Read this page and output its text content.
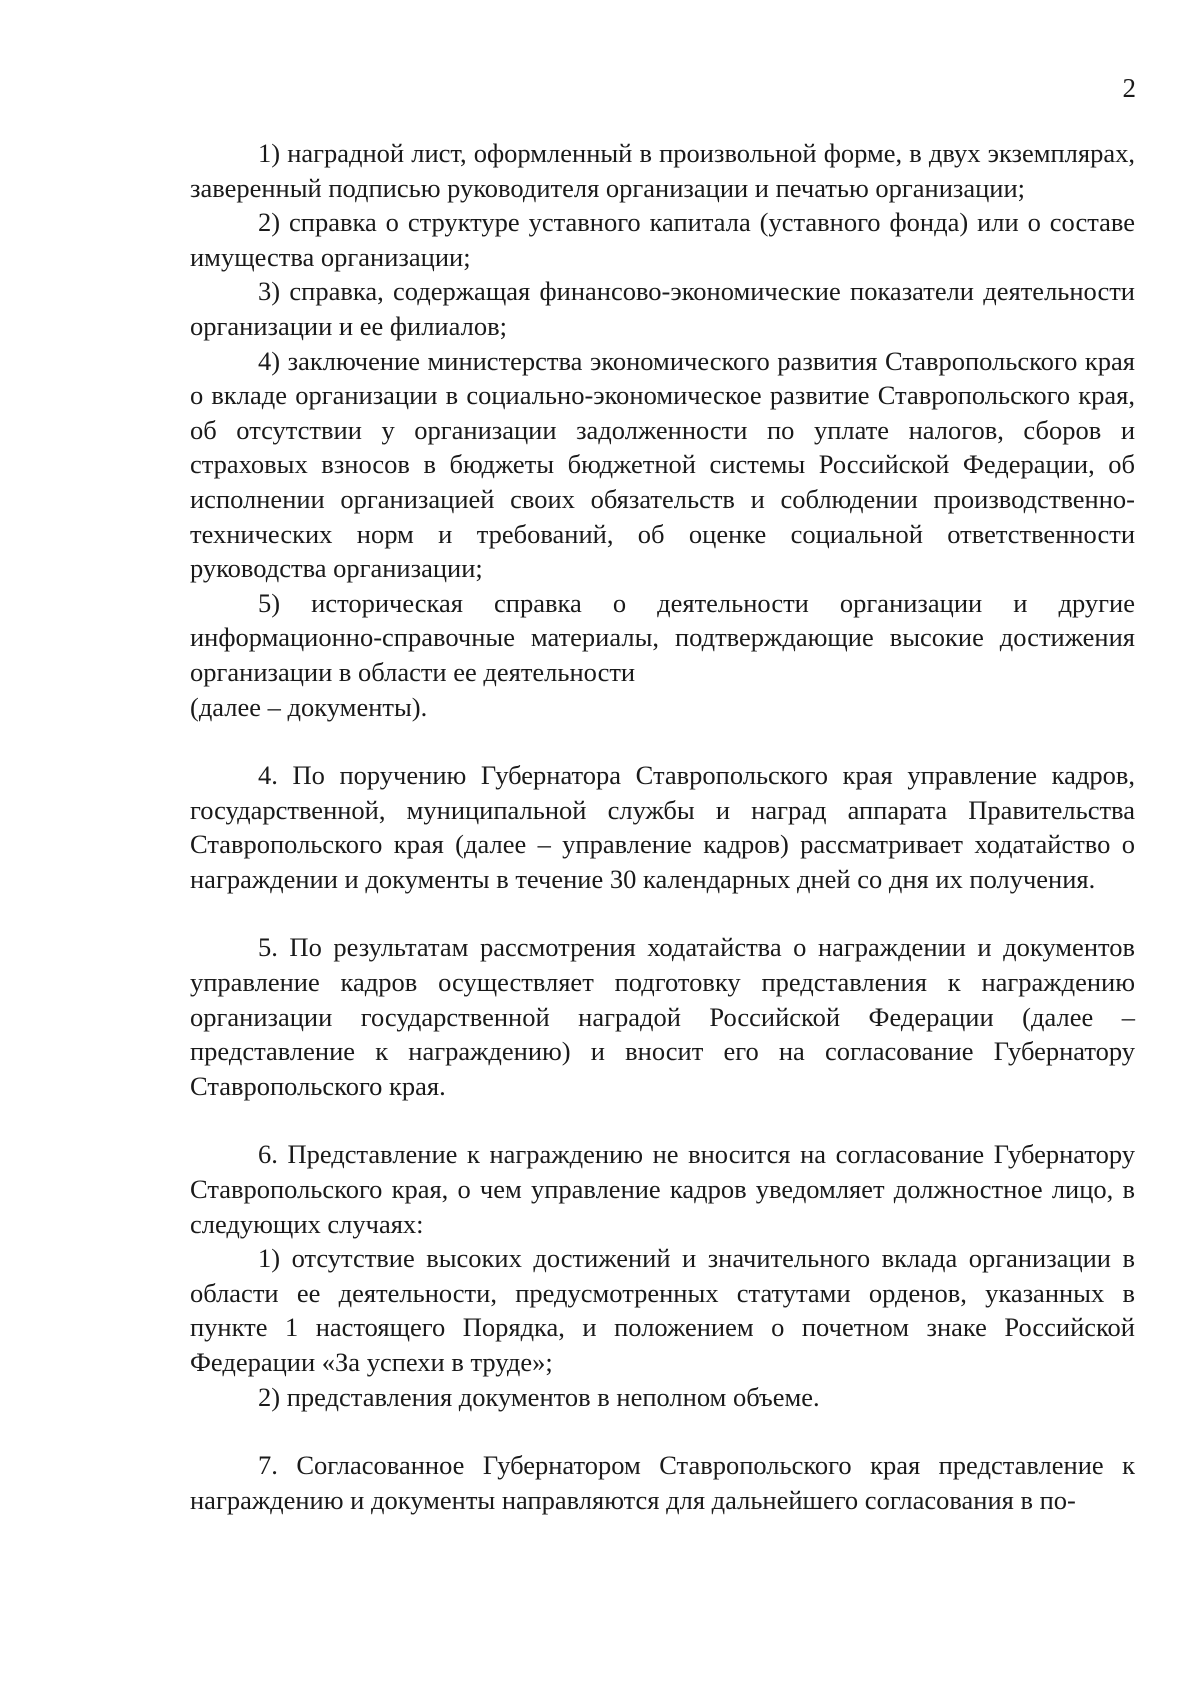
2

1) наградной лист, оформленный в произвольной форме, в двух экземплярах, заверенный подписью руководителя организации и печатью организации;

2) справка о структуре уставного капитала (уставного фонда) или о составе имущества организации;

3) справка, содержащая финансово-экономические показатели деятельности организации и ее филиалов;

4) заключение министерства экономического развития Ставропольского края о вкладе организации в социально-экономическое развитие Ставропольского края, об отсутствии у организации задолженности по уплате налогов, сборов и страховых взносов в бюджеты бюджетной системы Российской Федерации, об исполнении организацией своих обязательств и соблюдении производственно-технических норм и требований, об оценке социальной ответственности руководства организации;

5) историческая справка о деятельности организации и другие информационно-справочные материалы, подтверждающие высокие достижения организации в области ее деятельности

(далее – документы).

4. По поручению Губернатора Ставропольского края управление кадров, государственной, муниципальной службы и наград аппарата Правительства Ставропольского края (далее – управление кадров) рассматривает ходатайство о награждении и документы в течение 30 календарных дней со дня их получения.

5. По результатам рассмотрения ходатайства о награждении и документов управление кадров осуществляет подготовку представления к награждению организации государственной наградой Российской Федерации (далее – представление к награждению) и вносит его на согласование Губернатору Ставропольского края.

6. Представление к награждению не вносится на согласование Губернатору Ставропольского края, о чем управление кадров уведомляет должностное лицо, в следующих случаях:

1) отсутствие высоких достижений и значительного вклада организации в области ее деятельности, предусмотренных статутами орденов, указанных в пункте 1 настоящего Порядка, и положением о почетном знаке Российской Федерации «За успехи в труде»;

2) представления документов в неполном объеме.

7. Согласованное Губернатором Ставропольского края представление к награждению и документы направляются для дальнейшего согласования в по-
